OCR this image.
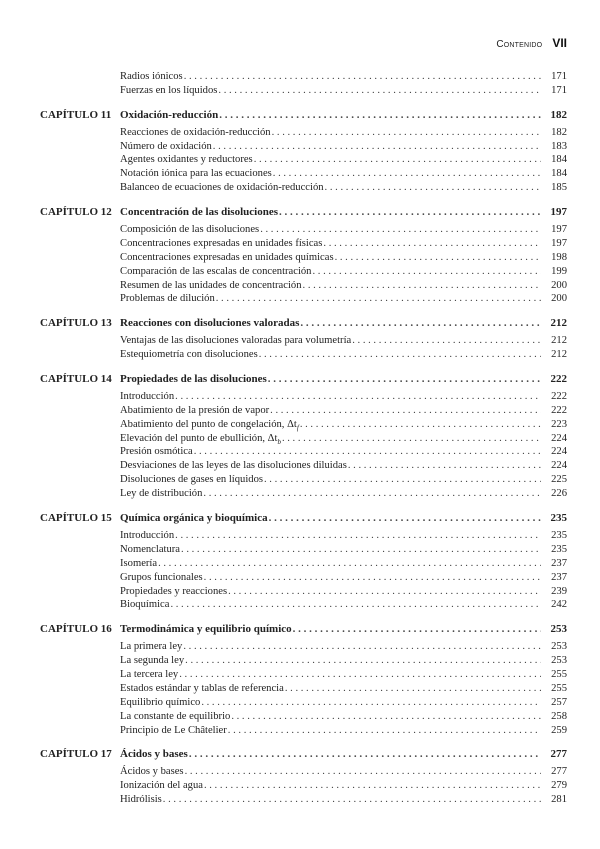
Contenido VII
Radios iónicos . . .	171
Fuerzas en los líquidos . . .	171
CAPÍTULO 11 Oxidación-reducción . . .	182
Reacciones de oxidación-reducción . . .	182
Número de oxidación . . .	183
Agentes oxidantes y reductores . . .	184
Notación iónica para las ecuaciones . . .	184
Balanceo de ecuaciones de oxidación-reducción . . .	185
CAPÍTULO 12 Concentración de las disoluciones . . .	197
Composición de las disoluciones . . .	197
Concentraciones expresadas en unidades físicas . . .	197
Concentraciones expresadas en unidades químicas . . .	198
Comparación de las escalas de concentración . . .	199
Resumen de las unidades de concentración . . .	200
Problemas de dilución . . .	200
CAPÍTULO 13 Reacciones con disoluciones valoradas . . .	212
Ventajas de las disoluciones valoradas para volumetría . . .	212
Estequiometría con disoluciones . . .	212
CAPÍTULO 14 Propiedades de las disoluciones . . .	222
Introducción . . .	222
Abatimiento de la presión de vapor . . .	222
Abatimiento del punto de congelación, $\Delta t_f$ . . .	223
Elevación del punto de ebullición, $\Delta t_b$ . . .	224
Presión osmótica . . .	224
Desviaciones de las leyes de las disoluciones diluidas . . .	224
Disoluciones de gases en líquidos . . .	225
Ley de distribución . . .	226
CAPÍTULO 15 Química orgánica y bioquímica . . .	235
Introducción . . .	235
Nomenclatura . . .	235
Isomería . . .	237
Grupos funcionales . . .	237
Propiedades y reacciones . . .	239
Bioquímica . . .	242
CAPÍTULO 16 Termodinámica y equilibrio químico . . .	253
La primera ley . . .	253
La segunda ley . . .	253
La tercera ley . . .	255
Estados estándar y tablas de referencia . . .	255
Equilibrio químico . . .	257
La constante de equilibrio . . .	258
Principio de Le Châtelier . . .	259
CAPÍTULO 17 Ácidos y bases . . .	277
Ácidos y bases . . .	277
Ionización del agua . . .	279
Hidrólisis . . .	281
